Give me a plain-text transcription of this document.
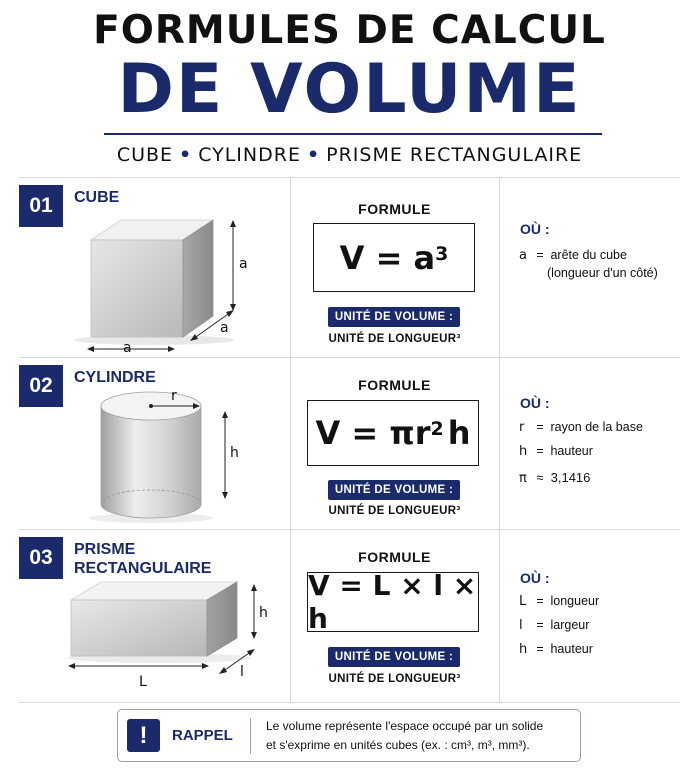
FORMULES DE CALCUL
DE VOLUME
CUBE • CYLINDRE • PRISME RECTANGULAIRE
01	CUBE
a
a
a
FORMULE
$V = a^3$
UNITÉ DE VOLUME :
UNITÉ DE LONGUEUR³
OÙ :
a = arête du cube
(longueur d'un côté)
02	CYLINDRE
r
h
FORMULE
$V = \pi r^2$ h
UNITÉ DE VOLUME :
UNITÉ DE LONGUEUR³
OÙ :
r = rayon de la base
h = hauteur
π ≈ 3,1416
03	PRISME
RECTANGULAIRE
h
l
L
FORMULE
V = L × l × h
UNITÉ DE VOLUME :
UNITÉ DE LONGUEUR³
OÙ :
L = longueur
l = largeur
h = hauteur
!	RAPPEL
Le volume représente l'espace occupé par un solide
et s'exprime en unités cubes (ex. : cm³, m³, mm³).
